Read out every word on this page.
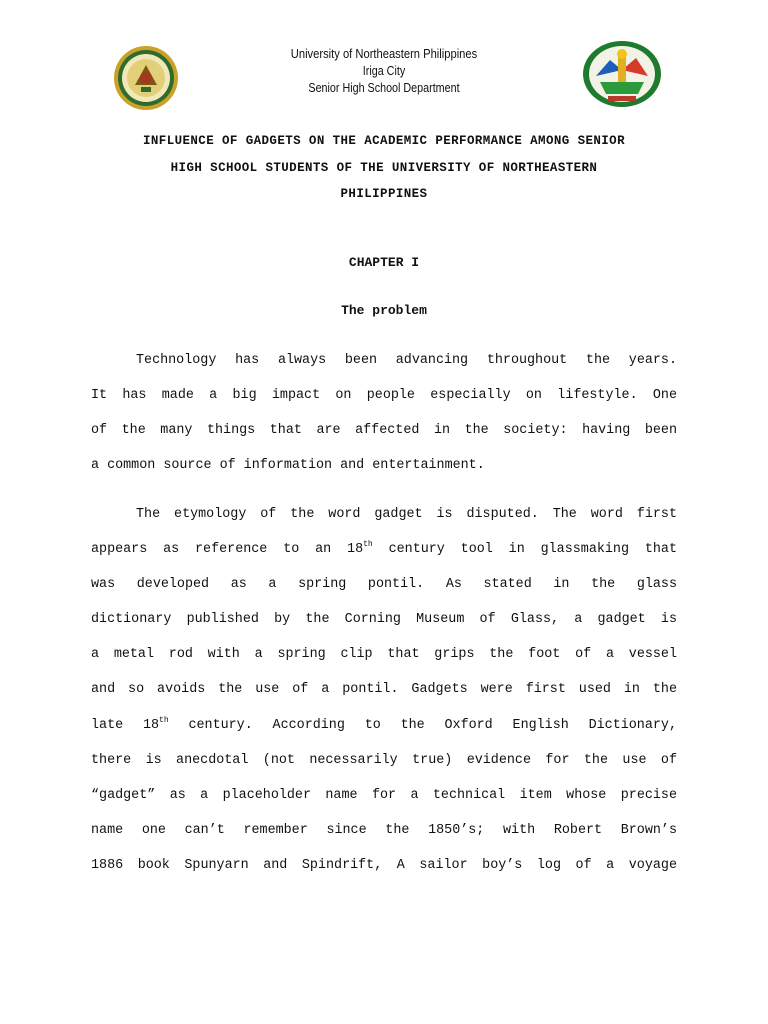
University of Northeastern Philippines
Iriga City
Senior High School Department
INFLUENCE OF GADGETS ON THE ACADEMIC PERFORMANCE AMONG SENIOR
HIGH SCHOOL STUDENTS OF THE UNIVERSITY OF NORTHEASTERN
PHILIPPINES
CHAPTER I
The problem
Technology has always been advancing throughout the years.
It has made a big impact on people especially on lifestyle. One
of the many things that are affected in the society: having been
a common source of information and entertainment.
The etymology of the word gadget is disputed. The word first
appears as reference to an 18th century tool in glassmaking that
was developed as a spring pontil. As stated in the glass
dictionary published by the Corning Museum of Glass, a gadget is
a metal rod with a spring clip that grips the foot of a vessel
and so avoids the use of a pontil. Gadgets were first used in the
late 18th century. According to the Oxford English Dictionary,
there is anecdotal (not necessarily true) evidence for the use of
“gadget” as a placeholder name for a technical item whose precise
name one can’t remember since the 1850’s; with Robert Brown’s
1886 book Spunyarn and Spindrift, A sailor boy’s log of a voyage
